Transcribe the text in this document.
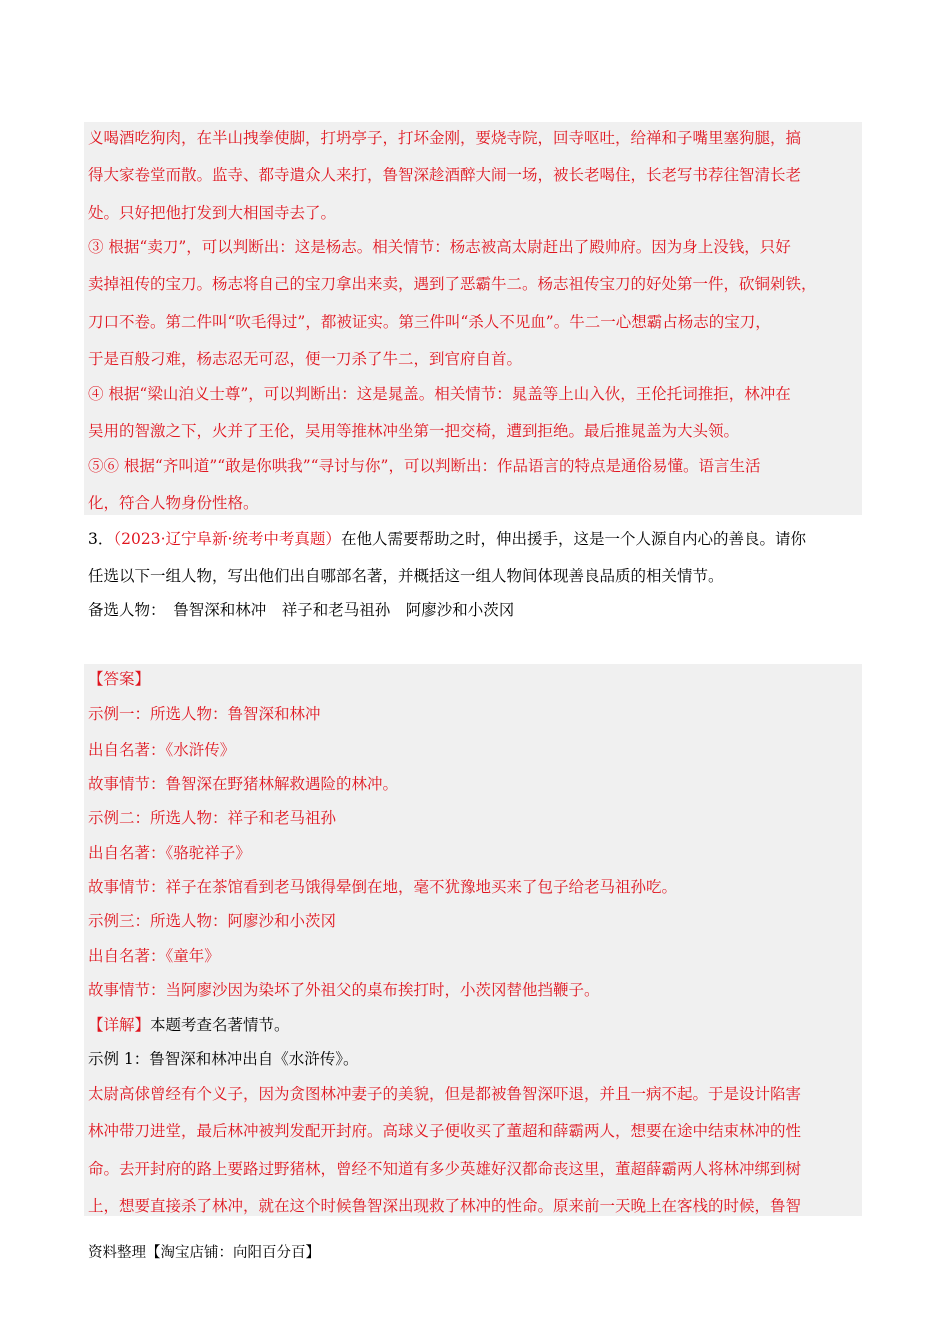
义喝酒吃狗肉，在半山拽拳使脚，打坍亭子，打坏金刚，要烧寺院，回寺呕吐，给禅和子嘴里塞狗腿，搞
得大家卷堂而散。监寺、都寺遣众人来打，鲁智深趁酒醉大闹一场，被长老喝住，长老写书荐往智清长老
处。只好把他打发到大相国寺去了。
③ 根据“卖刀”，可以判断出：这是杨志。相关情节：杨志被高太尉赶出了殿帅府。因为身上没钱，只好
卖掉祖传的宝刀。杨志将自己的宝刀拿出来卖，遇到了恶霸牛二。杨志祖传宝刀的好处第一件，砍铜剁铁，
刀口不卷。第二件叫“吹毛得过”，都被证实。第三件叫“杀人不见血”。牛二一心想霸占杨志的宝刀，
于是百般刁难，杨志忍无可忍，便一刀杀了牛二，到官府自首。
④ 根据“梁山泊义士尊”，可以判断出：这是晁盖。相关情节：晁盖等上山入伙，王伦托词推拒，林冲在
吴用的智激之下，火并了王伦，吴用等推林冲坐第一把交椅，遭到拒绝。最后推晁盖为大头领。
⑤⑥ 根据“齐叫道”“敢是你哄我”“寻讨与你”，可以判断出：作品语言的特点是通俗易懂。语言生活
化，符合人物身份性格。
3．（2023·辽宁阜新·统考中考真题）在他人需要帮助之时，伸出援手，这是一个人源自内心的善良。请你
任选以下一组人物，写出他们出自哪部名著，并概括这一组人物间体现善良品质的相关情节。
备选人物：　鲁智深和林冲　祥子和老马祖孙　阿廖沙和小茨冈
【答案】
示例一：所选人物：鲁智深和林冲
出自名著：《水浒传》
故事情节：鲁智深在野猪林解救遇险的林冲。
示例二：所选人物：祥子和老马祖孙
出自名著：《骆驼祥子》
故事情节：祥子在茶馆看到老马饿得晕倒在地，毫不犹豫地买来了包子给老马祖孙吃。
示例三：所选人物：阿廖沙和小茨冈
出自名著：《童年》
故事情节：当阿廖沙因为染坏了外祖父的桌布挨打时，小茨冈替他挡鞭子。
【详解】本题考查名著情节。
示例 1：鲁智深和林冲出自《水浒传》。
太尉高俅曾经有个义子，因为贪图林冲妻子的美貌，但是都被鲁智深吓退，并且一病不起。于是设计陷害
林冲带刀进堂，最后林冲被判发配开封府。高球义子便收买了董超和薛霸两人，想要在途中结束林冲的性
命。去开封府的路上要路过野猪林，曾经不知道有多少英雄好汉都命丧这里，董超薛霸两人将林冲绑到树
上，想要直接杀了林冲，就在这个时候鲁智深出现救了林冲的性命。原来前一天晚上在客栈的时候，鲁智
资料整理【淘宝店铺：向阳百分百】
